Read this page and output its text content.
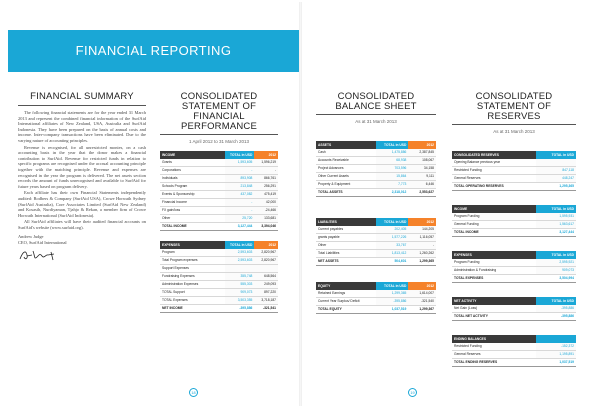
FINANCIAL REPORTING
FINANCIAL SUMMARY

The following financial statements are for the year ended 31 March 2013 and represent the combined financial information of the SurfAid International affiliates of New Zealand, USA, Australia and SurfAid Indonesia. They have been prepared on the basis of annual costs and income. Inter-company transactions have been eliminated. Due to the varying nature of accounting principles.

Revenue is recognised, for all unrestricted monies, on a cash accounting basis in the year that the donor makes a financial contribution to SurfAid. Revenue for restricted funds in relation to specific programs are recognised under the accrual accounting principle together with the matching principle. Revenue and expenses are recognised in the year the program is delivered. The net assets section records the amount of funds unrecognised and available to SurfAid for future years based on program delivery.

Each affiliate has their own Financial Statements independently audited: Rodbers & Company (SurfAid USA), Crowe Horwath Sydney (SurfAid Australia), Core Associates Limited (SurfAid New Zealand) and Kosasih, Nurdiyaman, Tjahjo & Rekan, a member firm of Crowe Horwath International (SurfAid Indonesia).

All SurfAid affiliates will have their audited financial accounts on SurfAid's website (www.surfaid.org).

Andrew Judge
CEO, SurfAid International
CONSOLIDATED
STATEMENT OF FINANCIAL
PERFORMANCE
1 April 2012 to 31 March 2013
INCOME	TOTAL in USD	2012
Grants	1,593,605	1,596,219
Corporations	-	-
Individuals	893,908	866,761
Schools Program	213,848	256,291
Events & Sponsorship	437,082	475,419
Financial Income	-	42,000
FX gain/loss	-	-24,466
Other	25,720	133,681
TOTAL INCOME	3,127,444	3,394,046
EXPENSES	TOTAL in USD	2012
Program	2,593,603	2,820,967
Total Program expenses	2,593,603	2,820,967
Support Expenses		
Fundraising Expenses	355,748	648,564
Administration Expenses	555,303	249,093
TOTAL Support	909,073	897,220
TOTAL Expenses	3,503,355	3,718,187
NET INCOME	-395,886	-321,541
18
CONSOLIDATED
BALANCE SHEET
As at 31 March 2013
ASSETS	TOTAL in USD	2012
Cash	1,475,886	2,387,845
Accounts Receivable	68,938	108,067
Project Advances	703,596	34,158
Other Current Assets	15,864	9,111
Property & Equipment	7,773	6,446
TOTAL ASSETS	2,318,012	2,553,627
LIABILITIES	TOTAL in USD	2012
Current payables	202,405	144,205
grants payable	1,577,226	1,116,057
Other	33,767	-
Total Liabilities	1,813,412	1,260,262
NET ASSETS	504,601	1,299,365
EQUITY	TOTAL in USD	2012
Retained Earnings	1,299,365	1,614,007
Current Year Surplus/ Deficit	-395,886	-321,540
TOTAL EQUITY	1,037,519	1,299,367
CONSOLIDATED
STATEMENT OF RESERVES
As at 31 March 2013
CONSOLIDATED RESERVES	TOTAL in USD
Opening Balance previous year	
Restricted Funding	847,118
General Reserves	448,247
TOTAL OPERATING RESERVES	1,295,365
INCOME	TOTAL in USD
Program Funding	1,595,931
General Funding	1,563,617
TOTAL INCOME	3,127,444
EXPENSES	TOTAL in USD
Program Funding	2,595,921
Administration & Fundraising	909,073
TOTAL EXPENSES	3,504,994
NET ACTIVITY	TOTAL in USD
Net Gain (Loss)	-395,886
TOTAL NET ACTIVITY	-395,886
ENDING BALANCES	
Restricted Funding	-152,372
General Reserves	1,195,891
TOTAL ENDING RESERVES	1,037,519
19
